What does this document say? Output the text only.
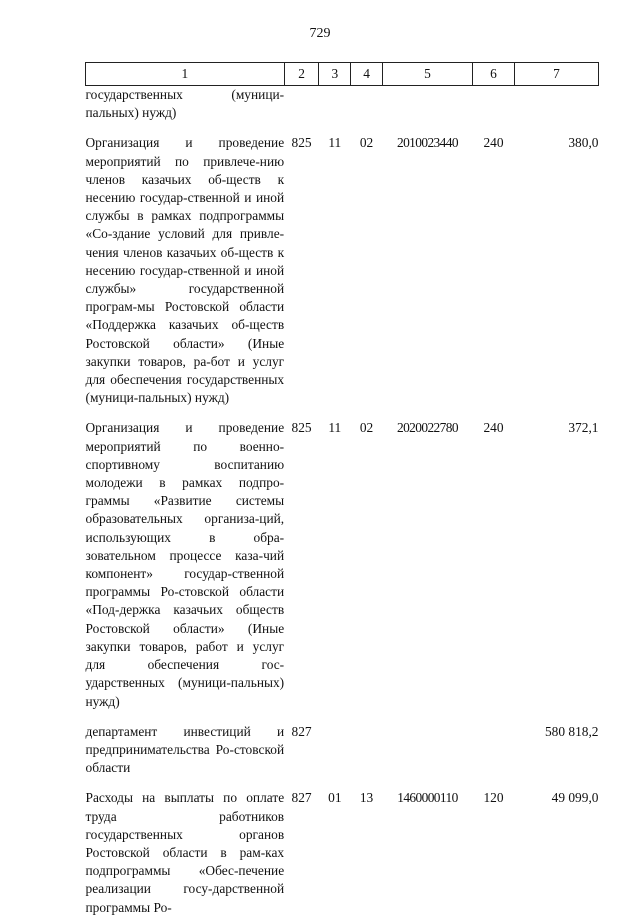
729
1	2	3	4	5	6	7
государственных (муници-пальных) нужд)						
Организация и проведение мероприятий по привлече-нию членов казачьих об-ществ к несению государ-ственной и иной службы в рамках подпрограммы «Со-здание условий для привле-чения членов казачьих об-ществ к несению государ-ственной и иной службы» государственной програм-мы Ростовской области «Поддержка казачьих об-ществ Ростовской области» (Иные закупки товаров, ра-бот и услуг для обеспечения государственных (муници-пальных) нужд)	825	11	02	2010023440	240	380,0
Организация и проведение мероприятий по военно-спортивному воспитанию молодежи в рамках подпро-граммы «Развитие системы образовательных организа-ций, использующих в обра-зовательном процессе каза-чий компонент» государ-ственной программы Ро-стовской области «Под-держка казачьих обществ Ростовской области» (Иные закупки товаров, работ и услуг для обеспечения гос-ударственных (муници-пальных) нужд)	825	11	02	2020022780	240	372,1
департамент инвестиций и предпринимательства Ро-стовской области	827					580 818,2
Расходы на выплаты по оплате труда работников государственных органов Ростовской области в рам-ках подпрограммы «Обес-печение реализации госу-дарственной программы Ро-	827	01	13	1460000110	120	49 099,0
